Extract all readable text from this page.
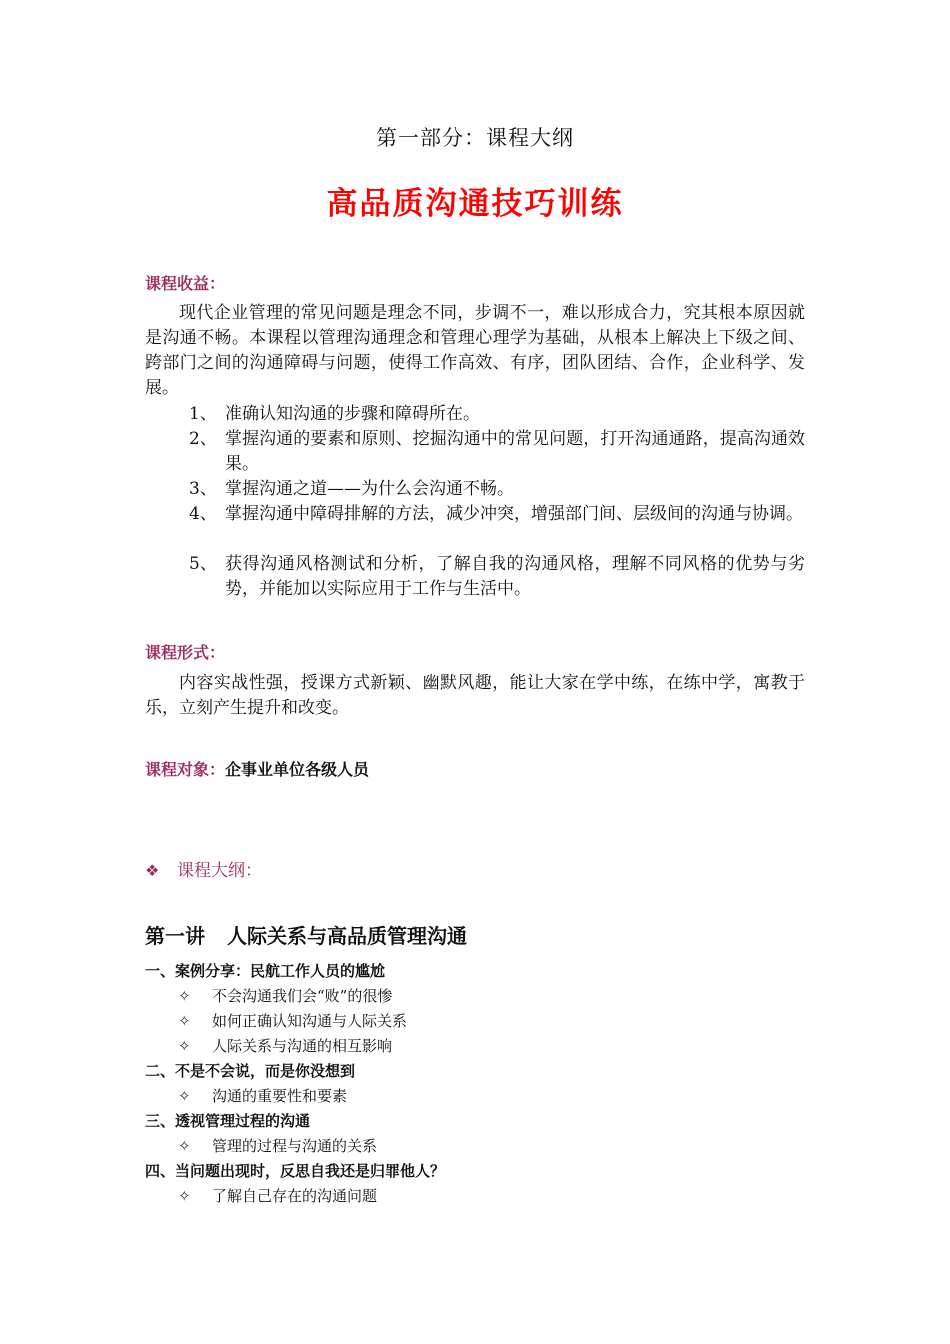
第一部分：课程大纲
高品质沟通技巧训练
课程收益：
现代企业管理的常见问题是理念不同，步调不一，难以形成合力，究其根本原因就是沟通不畅。本课程以管理沟通理念和管理心理学为基础，从根本上解决上下级之间、跨部门之间的沟通障碍与问题，使得工作高效、有序，团队团结、合作，企业科学、发展。
1、 准确认知沟通的步骤和障碍所在。
2、 掌握沟通的要素和原则、挖掘沟通中的常见问题，打开沟通通路，提高沟通效果。
3、 掌握沟通之道——为什么会沟通不畅。
4、 掌握沟通中障碍排解的方法，减少冲突，增强部门间、层级间的沟通与协调。
5、 获得沟通风格测试和分析，了解自我的沟通风格，理解不同风格的优势与劣势，并能加以实际应用于工作与生活中。
课程形式：
内容实战性强，授课方式新颖、幽默风趣，能让大家在学中练，在练中学，寓教于乐，立刻产生提升和改变。
课程对象：企事业单位各级人员
❖ 课程大纲：
第一讲 人际关系与高品质管理沟通
一、案例分享：民航工作人员的尴尬
✧ 不会沟通我们会“败”的很惨
✧ 如何正确认知沟通与人际关系
✧ 人际关系与沟通的相互影响
二、不是不会说，而是你没想到
✧ 沟通的重要性和要素
三、透视管理过程的沟通
✧ 管理的过程与沟通的关系
四、当问题出现时，反思自我还是归罪他人？
✧ 了解自己存在的沟通问题
